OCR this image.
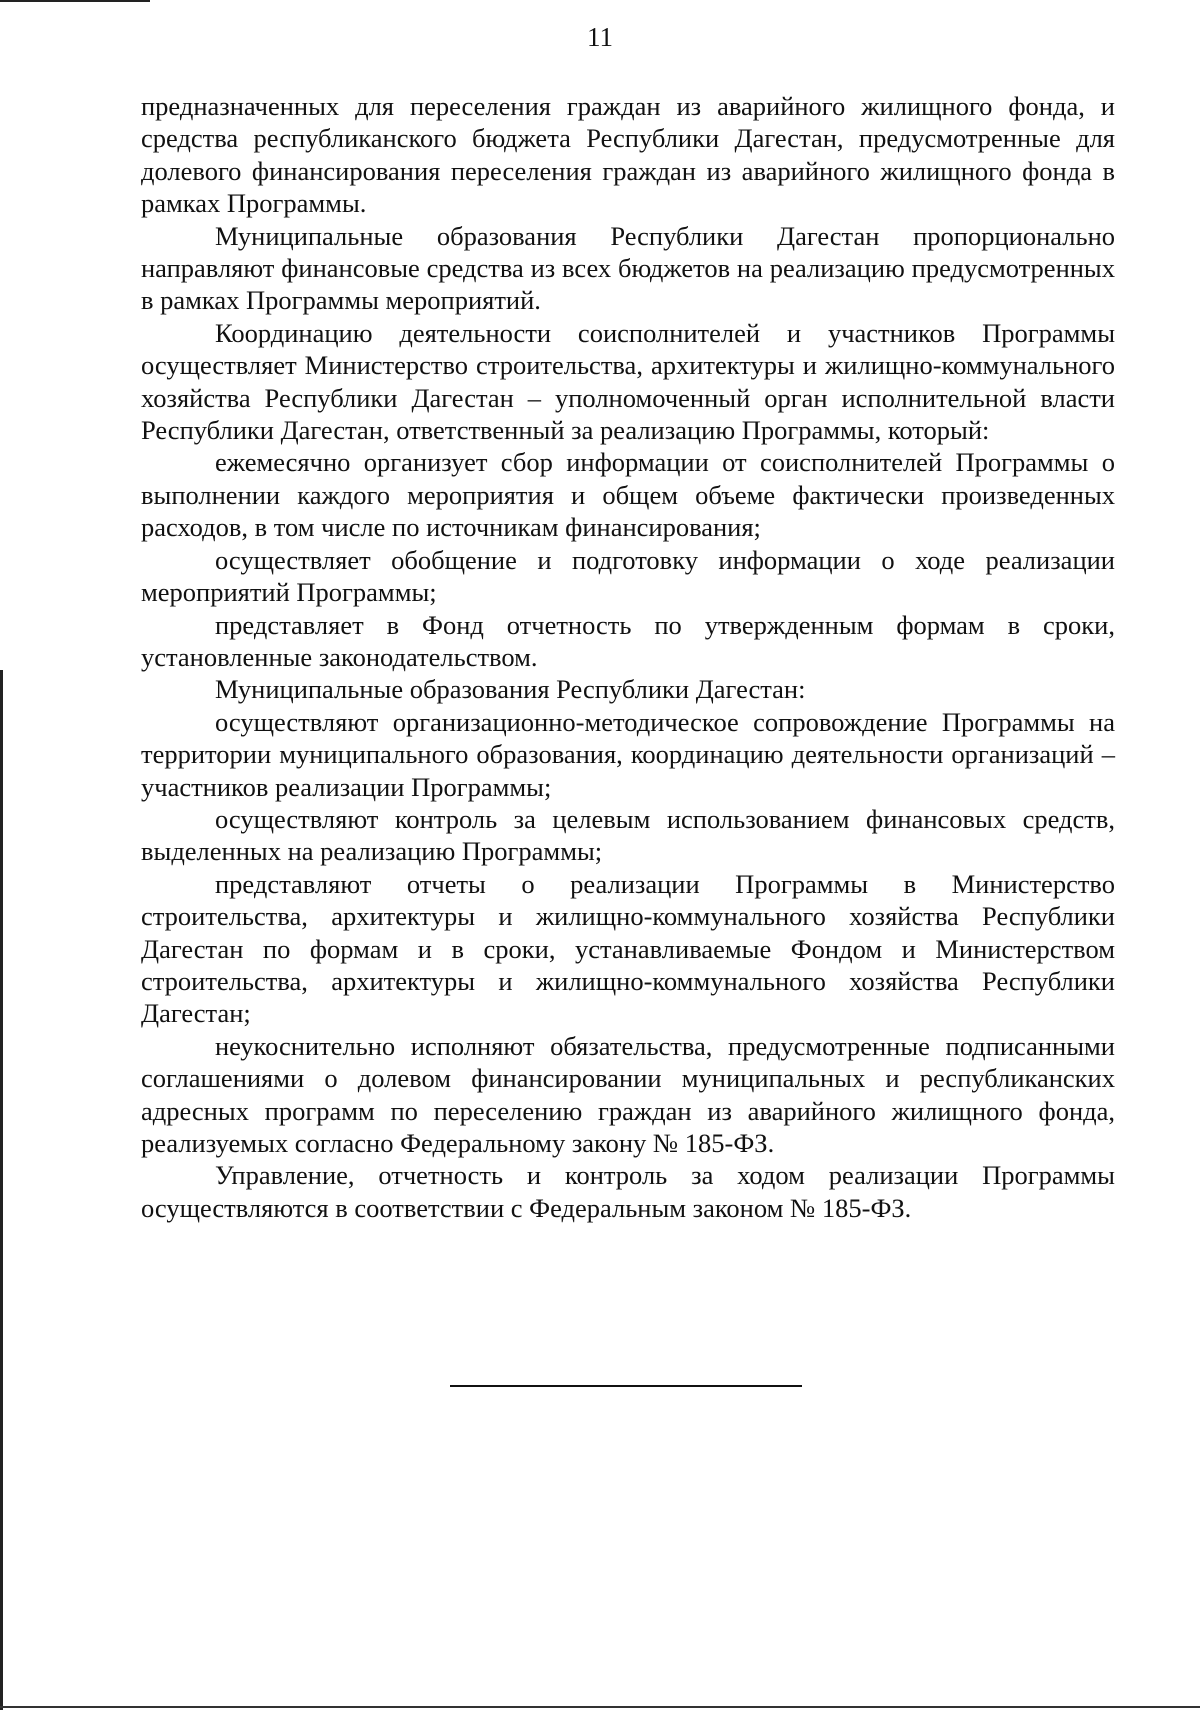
11

предназначенных для переселения граждан из аварийного жилищного фонда, и средства республиканского бюджета Республики Дагестан, предусмотренные для долевого финансирования переселения граждан из аварийного жилищного фонда в рамках Программы.

Муниципальные образования Республики Дагестан пропорционально направляют финансовые средства из всех бюджетов на реализацию предусмотренных в рамках Программы мероприятий.

Координацию деятельности соисполнителей и участников Программы осуществляет Министерство строительства, архитектуры и жилищно-коммунального хозяйства Республики Дагестан – уполномоченный орган исполнительной власти Республики Дагестан, ответственный за реализацию Программы, который:

ежемесячно организует сбор информации от соисполнителей Программы о выполнении каждого мероприятия и общем объеме фактически произведенных расходов, в том числе по источникам финансирования;

осуществляет обобщение и подготовку информации о ходе реализации мероприятий Программы;

представляет в Фонд отчетность по утвержденным формам в сроки, установленные законодательством.

Муниципальные образования Республики Дагестан:

осуществляют организационно-методическое сопровождение Программы на территории муниципального образования, координацию деятельности организаций – участников реализации Программы;

осуществляют контроль за целевым использованием финансовых средств, выделенных на реализацию Программы;

представляют отчеты о реализации Программы в Министерство строительства, архитектуры и жилищно-коммунального хозяйства Республики Дагестан по формам и в сроки, устанавливаемые Фондом и Министерством строительства, архитектуры и жилищно-коммунального хозяйства Республики Дагестан;

неукоснительно исполняют обязательства, предусмотренные подписанными соглашениями о долевом финансировании муниципальных и республиканских адресных программ по переселению граждан из аварийного жилищного фонда, реализуемых согласно Федеральному закону № 185-ФЗ.

Управление, отчетность и контроль за ходом реализации Программы осуществляются в соответствии с Федеральным законом № 185-ФЗ.
